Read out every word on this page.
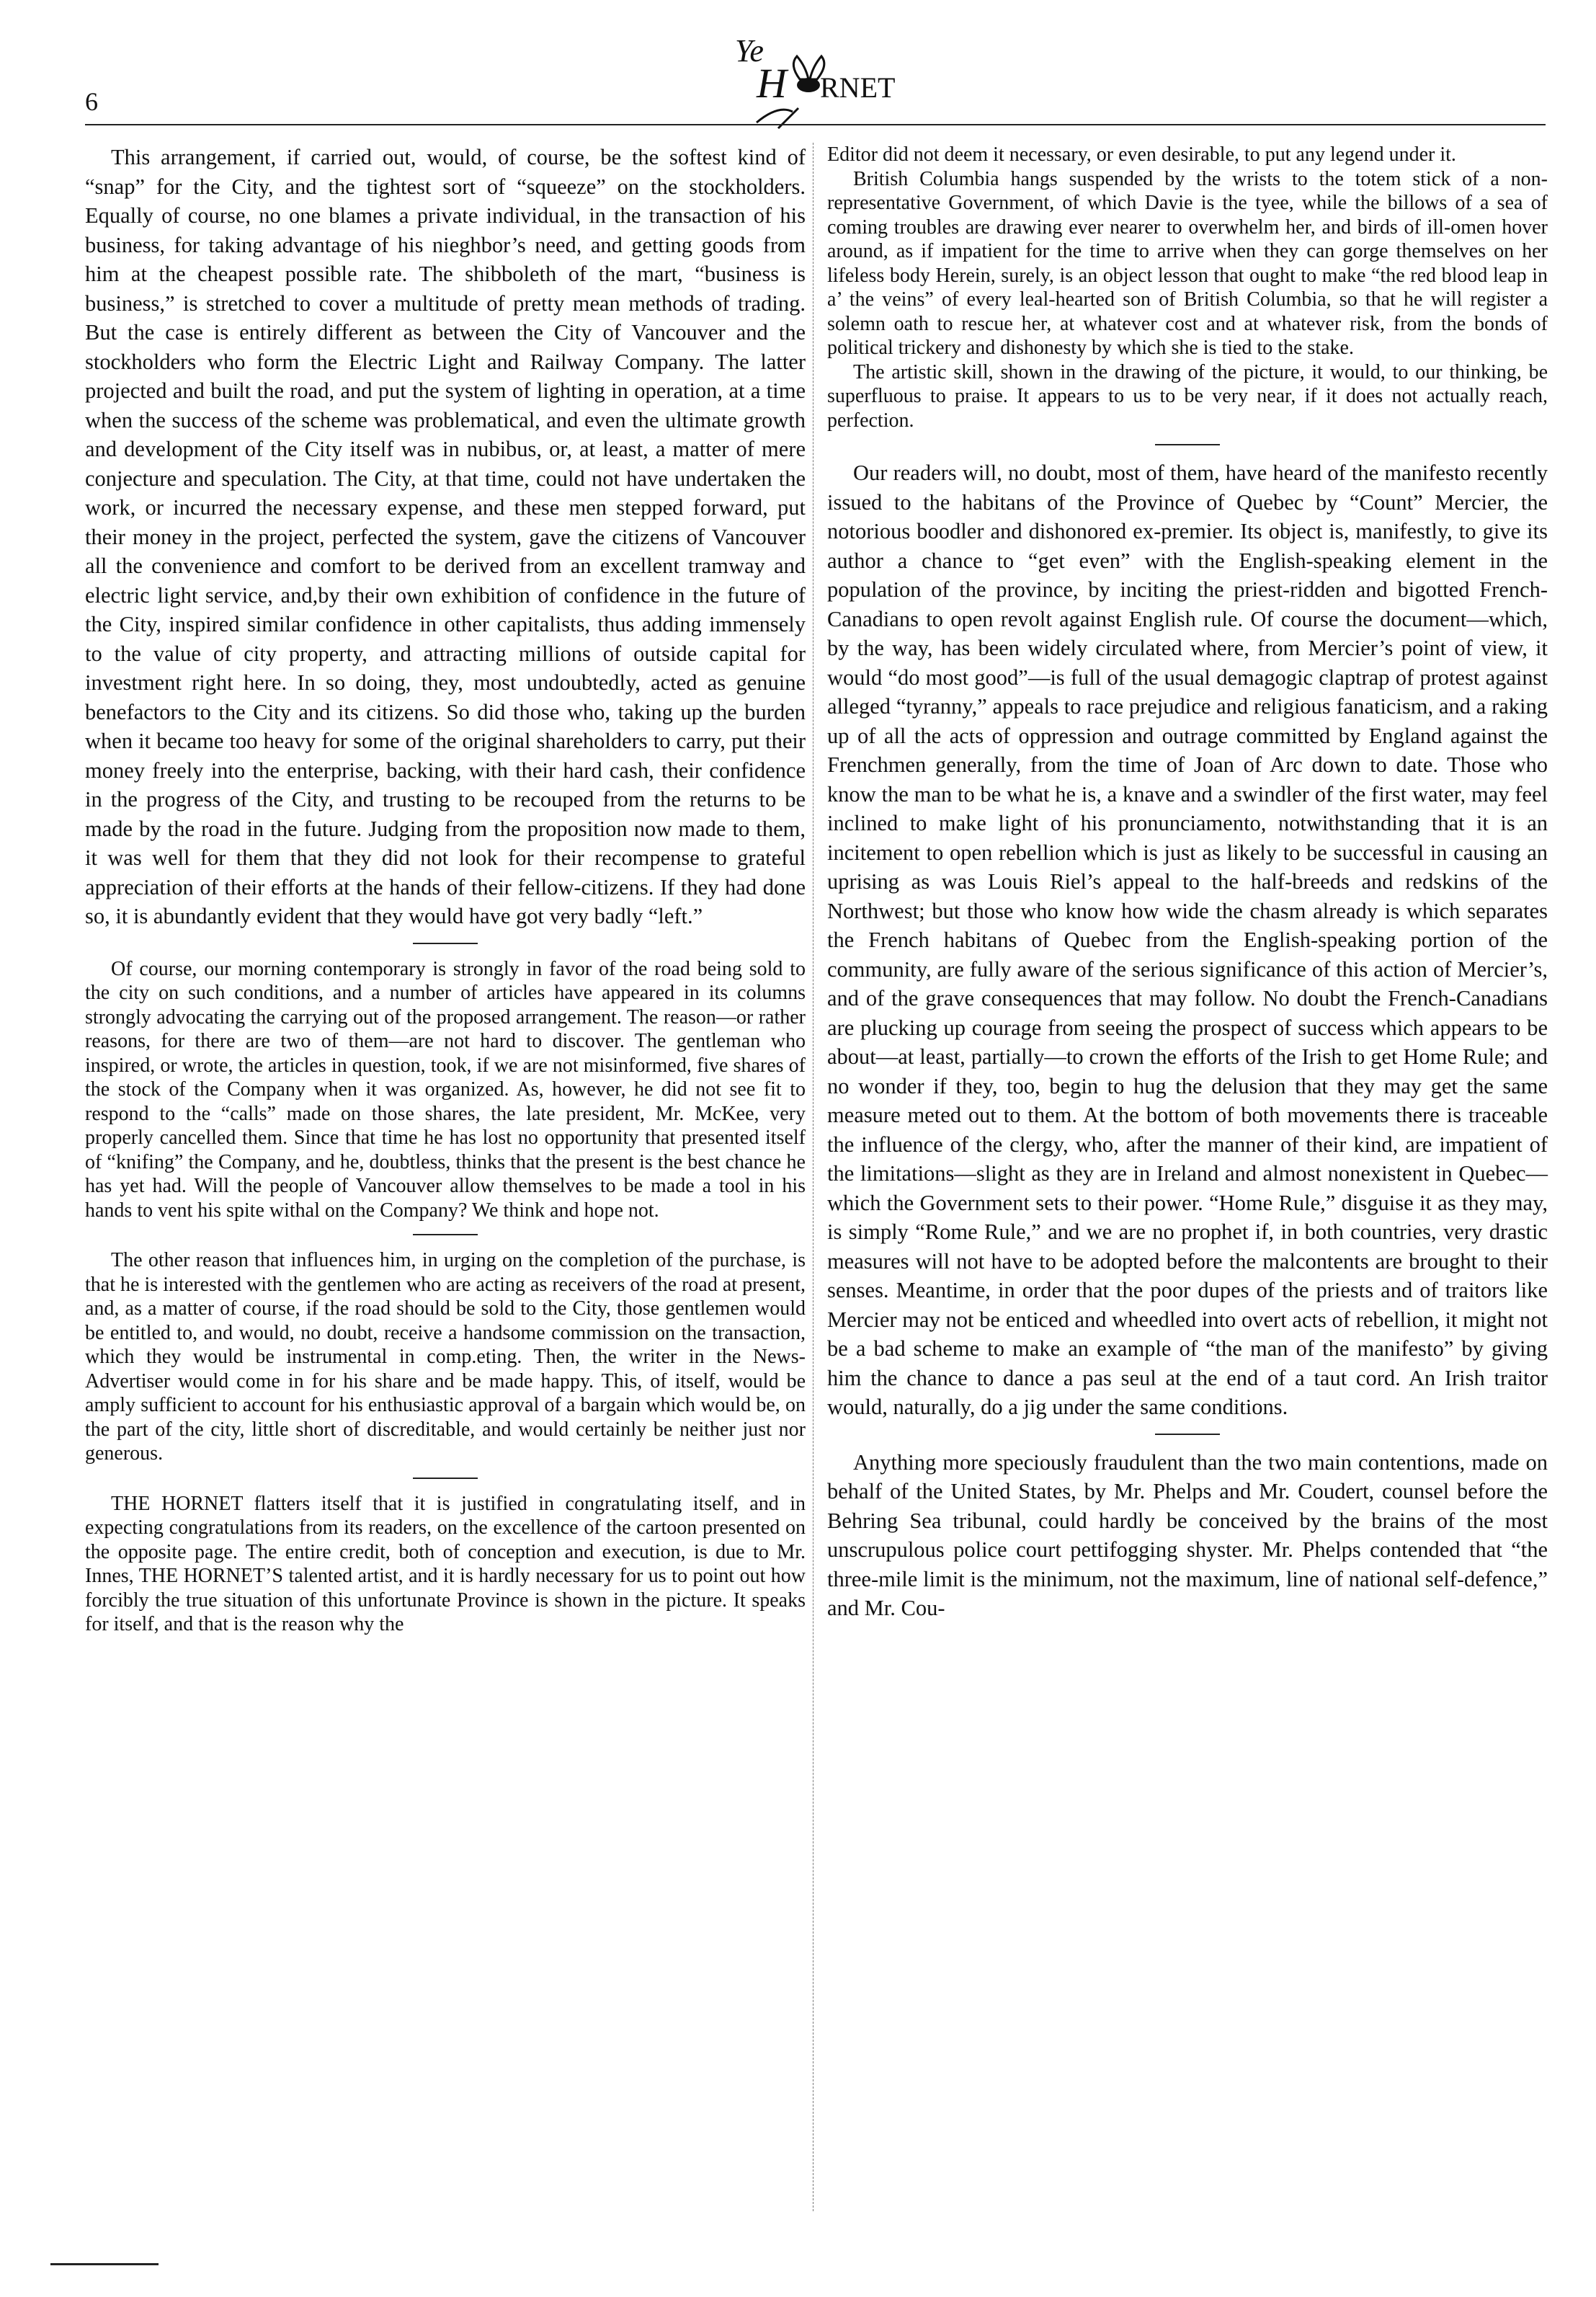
6
Ye
H RNET

This arrangement, if carried out, would, of course, be the softest kind of “snap” for the City, and the tightest sort of “squeeze” on the stockholders. Equally of course, no one blames a private individual, in the transaction of his business, for taking advantage of his nieghbor’s need, and getting goods from him at the cheapest possible rate. The shibboleth of the mart, “business is business,” is stretched to cover a multitude of pretty mean methods of trading. But the case is entirely different as between the City of Vancouver and the stockholders who form the Electric Light and Railway Company. The latter projected and built the road, and put the system of lighting in operation, at a time when the success of the scheme was problematical, and even the ultimate growth and development of the City itself was in nubibus, or, at least, a matter of mere conjecture and speculation. The City, at that time, could not have undertaken the work, or incurred the necessary expense, and these men stepped forward, put their money in the project, perfected the system, gave the citizens of Vancouver all the convenience and comfort to be derived from an excellent tramway and electric light service, and,by their own exhibition of confidence in the future of the City, inspired similar confidence in other capitalists, thus adding immensely to the value of city property, and attracting millions of outside capital for investment right here. In so doing, they, most undoubtedly, acted as genuine benefactors to the City and its citizens. So did those who, taking up the burden when it became too heavy for some of the original shareholders to carry, put their money freely into the enterprise, backing, with their hard cash, their confidence in the progress of the City, and trusting to be recouped from the returns to be made by the road in the future. Judging from the proposition now made to them, it was well for them that they did not look for their recompense to grateful appreciation of their efforts at the hands of their fellow-citizens. If they had done so, it is abundantly evident that they would have got very badly “left.”

Of course, our morning contemporary is strongly in favor of the road being sold to the city on such conditions, and a number of articles have appeared in its columns strongly advocating the carrying out of the proposed arrangement. The reason—or rather reasons, for there are two of them—are not hard to discover. The gentleman who inspired, or wrote, the articles in question, took, if we are not misinformed, five shares of the stock of the Company when it was organized. As, however, he did not see fit to respond to the “calls” made on those shares, the late president, Mr. McKee, very properly cancelled them. Since that time he has lost no opportunity that presented itself of “knifing” the Company, and he, doubtless, thinks that the present is the best chance he has yet had. Will the people of Vancouver allow themselves to be made a tool in his hands to vent his spite withal on the Company? We think and hope not.

The other reason that influences him, in urging on the completion of the purchase, is that he is interested with the gentlemen who are acting as receivers of the road at present, and, as a matter of course, if the road should be sold to the City, those gentlemen would be entitled to, and would, no doubt, receive a handsome commission on the transaction, which they would be instrumental in comp.eting. Then, the writer in the News-Advertiser would come in for his share and be made happy. This, of itself, would be amply sufficient to account for his enthusiastic approval of a bargain which would be, on the part of the city, little short of discreditable, and would certainly be neither just nor generous.

THE HORNET flatters itself that it is justified in congratulating itself, and in expecting congratulations from its readers, on the excellence of the cartoon presented on the opposite page. The entire credit, both of conception and execution, is due to Mr. Innes, THE HORNET’S talented artist, and it is hardly necessary for us to point out how forcibly the true situation of this unfortunate Province is shown in the picture. It speaks for itself, and that is the reason why the

Editor did not deem it necessary, or even desirable, to put any legend under it.

British Columbia hangs suspended by the wrists to the totem stick of a non-representative Government, of which Davie is the tyee, while the billows of a sea of coming troubles are drawing ever nearer to overwhelm her, and birds of ill-omen hover around, as if impatient for the time to arrive when they can gorge themselves on her lifeless body Herein, surely, is an object lesson that ought to make “the red blood leap in a’ the veins” of every leal-hearted son of British Columbia, so that he will register a solemn oath to rescue her, at whatever cost and at whatever risk, from the bonds of political trickery and dishonesty by which she is tied to the stake.

The artistic skill, shown in the drawing of the picture, it would, to our thinking, be superfluous to praise. It appears to us to be very near, if it does not actually reach, perfection.

Our readers will, no doubt, most of them, have heard of the manifesto recently issued to the habitans of the Province of Quebec by “Count” Mercier, the notorious boodler and dishonored ex-premier. Its object is, manifestly, to give its author a chance to “get even” with the English-speaking element in the population of the province, by inciting the priest-ridden and bigotted French-Canadians to open revolt against English rule. Of course the document—which, by the way, has been widely circulated where, from Mercier’s point of view, it would “do most good”—is full of the usual demagogic claptrap of protest against alleged “tyranny,” appeals to race prejudice and religious fanaticism, and a raking up of all the acts of oppression and outrage committed by England against the Frenchmen generally, from the time of Joan of Arc down to date. Those who know the man to be what he is, a knave and a swindler of the first water, may feel inclined to make light of his pronunciamento, notwithstanding that it is an incitement to open rebellion which is just as likely to be successful in causing an uprising as was Louis Riel’s appeal to the half-breeds and redskins of the Northwest; but those who know how wide the chasm already is which separates the French habitans of Quebec from the English-speaking portion of the community, are fully aware of the serious significance of this action of Mercier’s, and of the grave consequences that may follow. No doubt the French-Canadians are plucking up courage from seeing the prospect of success which appears to be about—at least, partially—to crown the efforts of the Irish to get Home Rule; and no wonder if they, too, begin to hug the delusion that they may get the same measure meted out to them. At the bottom of both movements there is traceable the influence of the clergy, who, after the manner of their kind, are impatient of the limitations—slight as they are in Ireland and almost nonexistent in Quebec—which the Government sets to their power. “Home Rule,” disguise it as they may, is simply “Rome Rule,” and we are no prophet if, in both countries, very drastic measures will not have to be adopted before the malcontents are brought to their senses. Meantime, in order that the poor dupes of the priests and of traitors like Mercier may not be enticed and wheedled into overt acts of rebellion, it might not be a bad scheme to make an example of “the man of the manifesto” by giving him the chance to dance a pas seul at the end of a taut cord. An Irish traitor would, naturally, do a jig under the same conditions.

Anything more speciously fraudulent than the two main contentions, made on behalf of the United States, by Mr. Phelps and Mr. Coudert, counsel before the Behring Sea tribunal, could hardly be conceived by the brains of the most unscrupulous police court pettifogging shyster. Mr. Phelps contended that “the three-mile limit is the minimum, not the maximum, line of national self-defence,” and Mr. Cou-
